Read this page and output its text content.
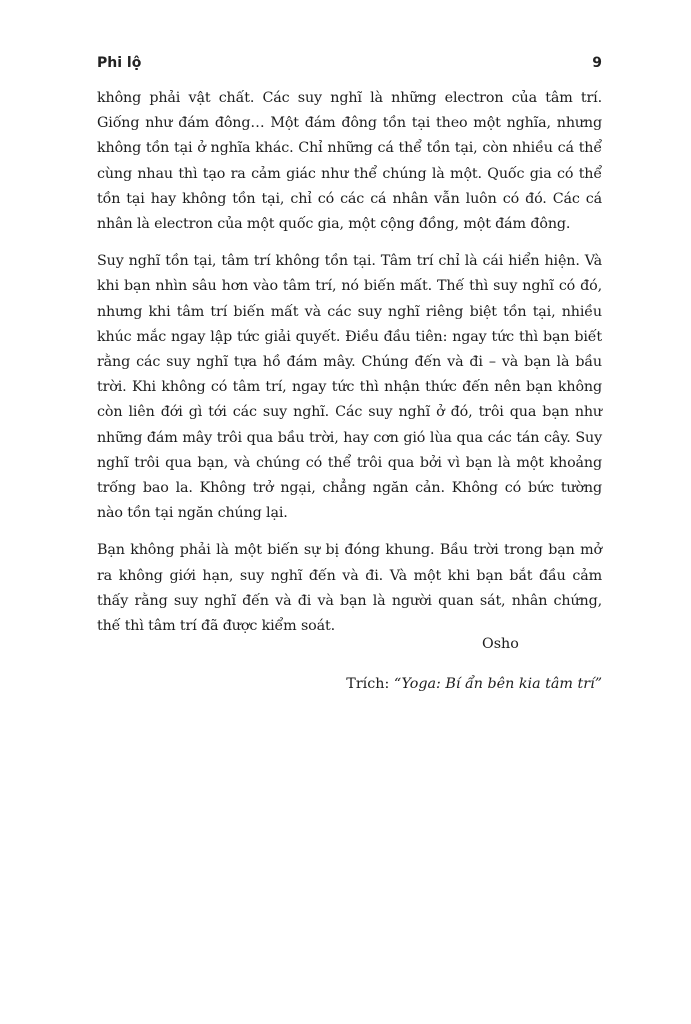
Phi lộ	9

không phải vật chất. Các suy nghĩ là những electron của tâm trí. Giống như đám đông… Một đám đông tồn tại theo một nghĩa, nhưng không tồn tại ở nghĩa khác. Chỉ những cá thể tồn tại, còn nhiều cá thể cùng nhau thì tạo ra cảm giác như thể chúng là một. Quốc gia có thể tồn tại hay không tồn tại, chỉ có các cá nhân vẫn luôn có đó. Các cá nhân là electron của một quốc gia, một cộng đồng, một đám đông.

Suy nghĩ tồn tại, tâm trí không tồn tại. Tâm trí chỉ là cái hiển hiện. Và khi bạn nhìn sâu hơn vào tâm trí, nó biến mất. Thế thì suy nghĩ có đó, nhưng khi tâm trí biến mất và các suy nghĩ riêng biệt tồn tại, nhiều khúc mắc ngay lập tức giải quyết. Điều đầu tiên: ngay tức thì bạn biết rằng các suy nghĩ tựa hồ đám mây. Chúng đến và đi – và bạn là bầu trời. Khi không có tâm trí, ngay tức thì nhận thức đến nên bạn không còn liên đới gì tới các suy nghĩ. Các suy nghĩ ở đó, trôi qua bạn như những đám mây trôi qua bầu trời, hay cơn gió lùa qua các tán cây. Suy nghĩ trôi qua bạn, và chúng có thể trôi qua bởi vì bạn là một khoảng trống bao la. Không trở ngại, chẳng ngăn cản. Không có bức tường nào tồn tại ngăn chúng lại.

Bạn không phải là một biến sự bị đóng khung. Bầu trời trong bạn mở ra không giới hạn, suy nghĩ đến và đi. Và một khi bạn bắt đầu cảm thấy rằng suy nghĩ đến và đi và bạn là người quan sát, nhân chứng, thế thì tâm trí đã được kiểm soát.

Osho
Trích: “Yoga: Bí ẩn bên kia tâm trí”
